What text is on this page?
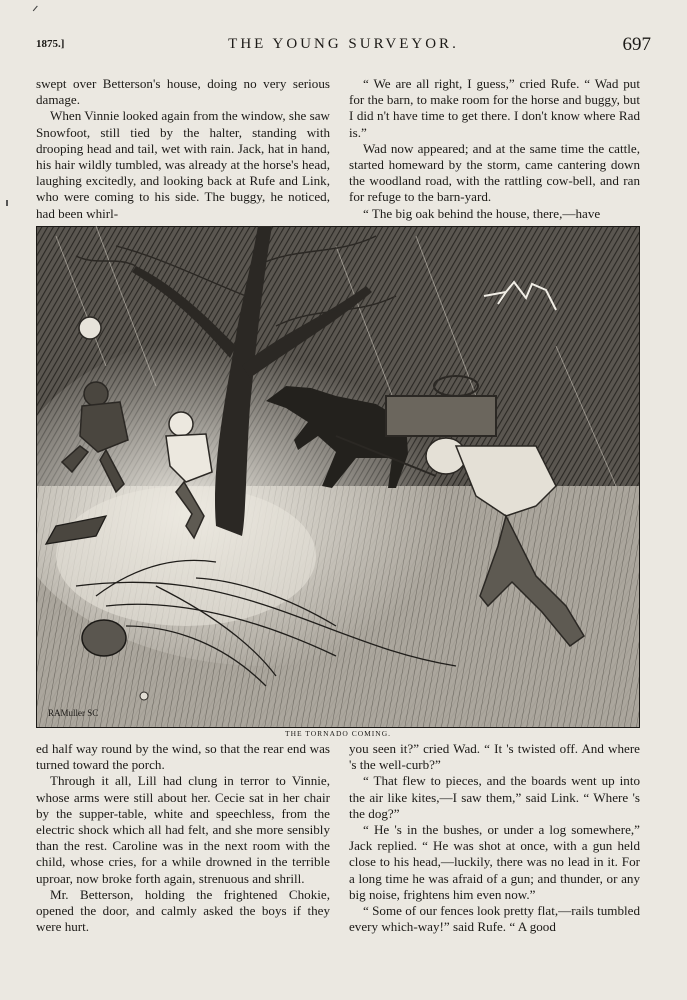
ᐟ
1875.]	THE YOUNG SURVEYOR.	697

swept over Betterson's house, doing no very serious damage.

When Vinnie looked again from the window, she saw Snowfoot, still tied by the halter, standing with drooping head and tail, wet with rain. Jack, hat in hand, his hair wildly tumbled, was already at the horse's head, laughing excitedly, and looking back at Rufe and Link, who were coming to his side. The buggy, he noticed, had been whirl-

“ We are all right, I guess,” cried Rufe. “ Wad put for the barn, to make room for the horse and buggy, but I did n't have time to get there. I don't know where Rad is.”

Wad now appeared; and at the same time the cattle, started homeward by the storm, came cantering down the woodland road, with the rattling cow-bell, and ran for refuge to the barn-yard.

“ The big oak behind the house, there,—have

RAMuller SC
THE TORNADO COMING.

ed half way round by the wind, so that the rear end was turned toward the porch.

Through it all, Lill had clung in terror to Vinnie, whose arms were still about her. Cecie sat in her chair by the supper-table, white and speechless, from the electric shock which all had felt, and she more sensibly than the rest. Caroline was in the next room with the child, whose cries, for a while drowned in the terrible uproar, now broke forth again, strenuous and shrill.

Mr. Betterson, holding the frightened Chokie, opened the door, and calmly asked the boys if they were hurt.

you seen it?” cried Wad. “ It 's twisted off. And where 's the well-curb?”

“ That flew to pieces, and the boards went up into the air like kites,—I saw them,” said Link. “ Where 's the dog?”

“ He 's in the bushes, or under a log somewhere,” Jack replied. “ He was shot at once, with a gun held close to his head,—luckily, there was no lead in it. For a long time he was afraid of a gun; and thunder, or any big noise, frightens him even now.”

“ Some of our fences look pretty flat,—rails tumbled every which-way!” said Rufe. “ A good
